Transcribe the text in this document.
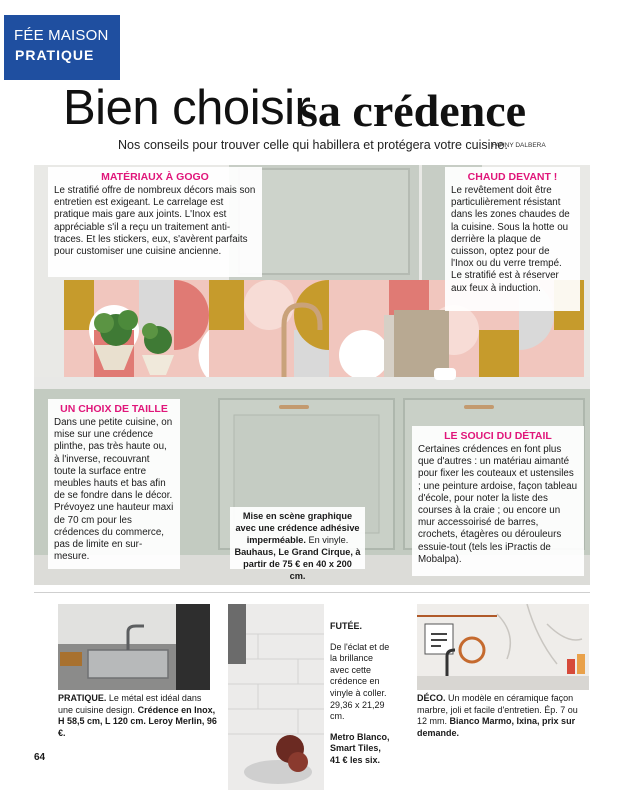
FÉE MAISON
PRATIQUE
Bien choisir
sa crédence
Nos conseils pour trouver celle qui habillera et protégera votre cuisine.
FANNY DALBERA
MATÉRIAUX À GOGO

Le stratifié offre de nombreux décors mais son entretien est exigeant. Le carrelage est pratique mais gare aux joints. L'Inox est appréciable s'il a reçu un traitement anti-traces. Et les stickers, eux, s'avèrent parfaits pour customiser une cuisine ancienne.

CHAUD DEVANT !

Le revêtement doit être particulièrement résistant dans les zones chaudes de la cuisine. Sous la hotte ou derrière la plaque de cuisson, optez pour de l'Inox ou du verre trempé. Le stratifié est à réserver aux feux à induction.

UN CHOIX DE TAILLE

Dans une petite cuisine, on mise sur une crédence plinthe, pas très haute ou, à l'inverse, recouvrant toute la surface entre meubles hauts et bas afin de se fondre dans le décor. Prévoyez une hauteur maxi de 70 cm pour les crédences du commerce, pas de limite en sur-mesure.

LE SOUCI DU DÉTAIL

Certaines crédences en font plus que d'autres : un matériau aimanté pour fixer les couteaux et ustensiles ; une peinture ardoise, façon tableau d'école, pour noter la liste des courses à la craie ; ou encore un mur accessoirisé de barres, crochets, étagères ou dérouleurs essuie-tout (tels les iPractis de Mobalpa).

Mise en scène graphique avec une crédence adhésive imperméable. En vinyle. Bauhaus, Le Grand Cirque, à partir de 75 € en 40 x 200 cm.
PRATIQUE. Le métal est idéal dans une cuisine design. Crédence en Inox, H 58,5 cm, L 120 cm. Leroy Merlin, 96 €.

FUTÉE.

De l'éclat et de la brillance avec cette crédence en vinyle à coller. 29,36 x 21,29 cm.

Metro Blanco, Smart Tiles, 41 € les six.

DÉCO. Un modèle en céramique façon marbre, joli et facile d'entretien. Ép. 7 ou 12 mm. Bianco Marmo, Ixina, prix sur demande.
64
